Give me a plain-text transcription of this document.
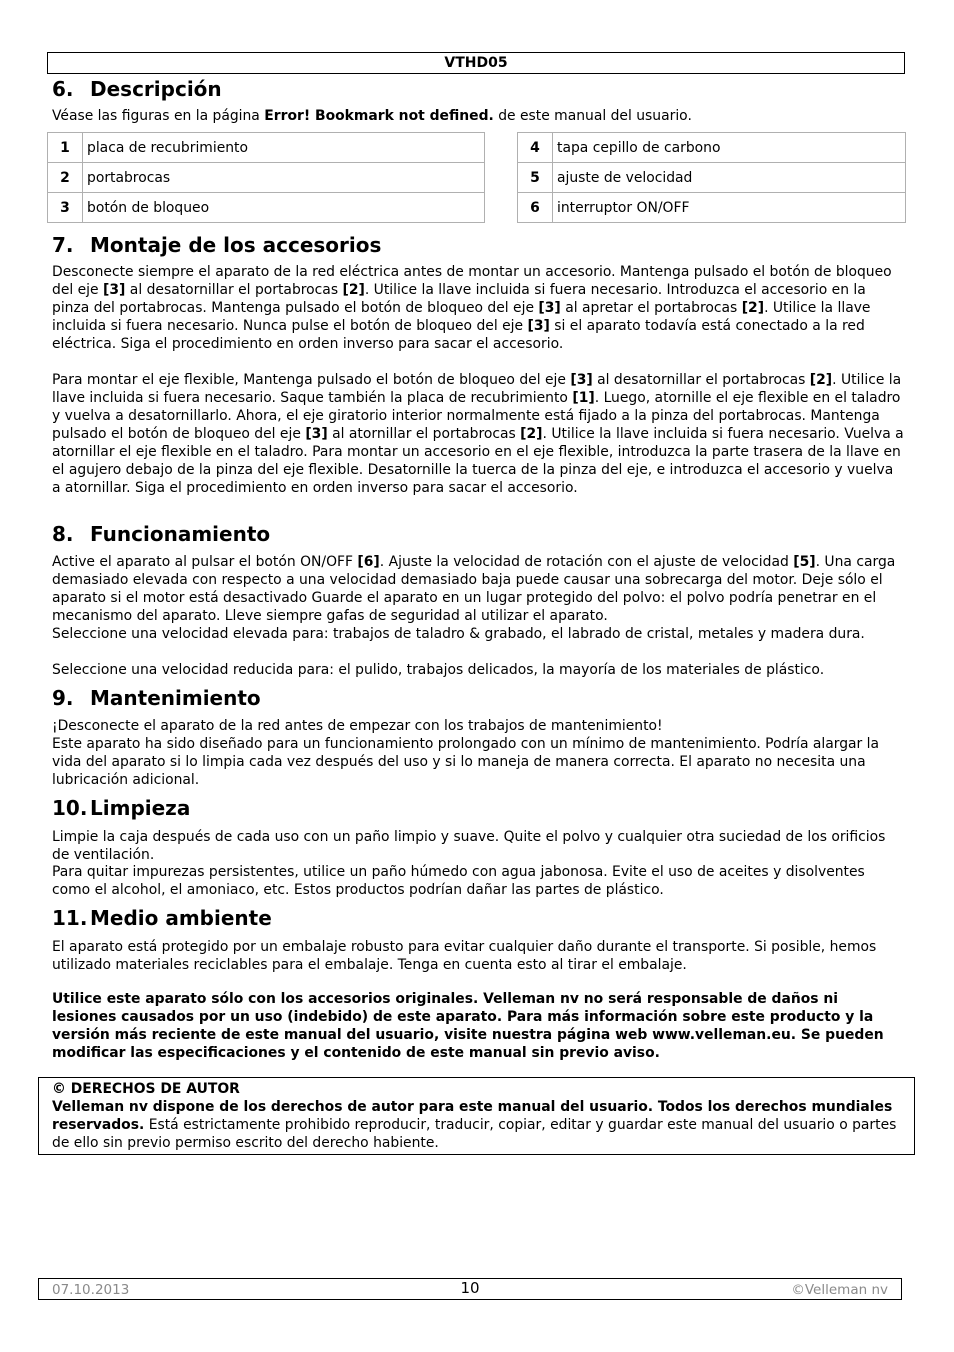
VTHD05
6. Descripción

Véase las figuras en la página Error! Bookmark not defined. de este manual del usuario.

1	placa de recubrimiento
2	portabrocas
3	botón de bloqueo
4	tapa cepillo de carbono
5	ajuste de velocidad
6	interruptor ON/OFF
7. Montaje de los accesorios

Desconecte siempre el aparato de la red eléctrica antes de montar un accesorio. Mantenga pulsado el botón de bloqueo del eje [3] al desatornillar el portabrocas [2]. Utilice la llave incluida si fuera necesario. Introduzca el accesorio en la pinza del portabrocas. Mantenga pulsado el botón de bloqueo del eje [3] al apretar el portabrocas [2]. Utilice la llave incluida si fuera necesario. Nunca pulse el botón de bloqueo del eje [3] si el aparato todavía está conectado a la red eléctrica. Siga el procedimiento en orden inverso para sacar el accesorio.

Para montar el eje flexible, Mantenga pulsado el botón de bloqueo del eje [3] al desatornillar el portabrocas [2]. Utilice la llave incluida si fuera necesario. Saque también la placa de recubrimiento [1]. Luego, atornille el eje flexible en el taladro y vuelva a desatornillarlo. Ahora, el eje giratorio interior normalmente está fijado a la pinza del portabrocas. Mantenga pulsado el botón de bloqueo del eje [3] al atornillar el portabrocas [2]. Utilice la llave incluida si fuera necesario. Vuelva a atornillar el eje flexible en el taladro. Para montar un accesorio en el eje flexible, introduzca la parte trasera de la llave en el agujero debajo de la pinza del eje flexible. Desatornille la tuerca de la pinza del eje, e introduzca el accesorio y vuelva a atornillar. Siga el procedimiento en orden inverso para sacar el accesorio.

8. Funcionamiento

Active el aparato al pulsar el botón ON/OFF [6]. Ajuste la velocidad de rotación con el ajuste de velocidad [5]. Una carga demasiado elevada con respecto a una velocidad demasiado baja puede causar una sobrecarga del motor. Deje sólo el aparato si el motor está desactivado Guarde el aparato en un lugar protegido del polvo: el polvo podría penetrar en el mecanismo del aparato. Lleve siempre gafas de seguridad al utilizar el aparato.

Seleccione una velocidad elevada para: trabajos de taladro & grabado, el labrado de cristal, metales y madera dura.

Seleccione una velocidad reducida para: el pulido, trabajos delicados, la mayoría de los materiales de plástico.

9. Mantenimiento

¡Desconecte el aparato de la red antes de empezar con los trabajos de mantenimiento!

Este aparato ha sido diseñado para un funcionamiento prolongado con un mínimo de mantenimiento. Podría alargar la vida del aparato si lo limpia cada vez después del uso y si lo maneja de manera correcta. El aparato no necesita una lubricación adicional.

10. Limpieza

Limpie la caja después de cada uso con un paño limpio y suave. Quite el polvo y cualquier otra suciedad de los orificios de ventilación.

Para quitar impurezas persistentes, utilice un paño húmedo con agua jabonosa. Evite el uso de aceites y disolventes como el alcohol, el amoniaco, etc. Estos productos podrían dañar las partes de plástico.

11. Medio ambiente

El aparato está protegido por un embalaje robusto para evitar cualquier daño durante el transporte. Si posible, hemos utilizado materiales reciclables para el embalaje. Tenga en cuenta esto al tirar el embalaje.

Utilice este aparato sólo con los accesorios originales. Velleman nv no será responsable de daños ni lesiones causados por un uso (indebido) de este aparato. Para más información sobre este producto y la versión más reciente de este manual del usuario, visite nuestra página web www.velleman.eu. Se pueden modificar las especificaciones y el contenido de este manual sin previo aviso.

© DERECHOS DE AUTOR
Velleman nv dispone de los derechos de autor para este manual del usuario. Todos los derechos mundiales reservados. Está estrictamente prohibido reproducir, traducir, copiar, editar y guardar este manual del usuario o partes de ello sin previo permiso escrito del derecho habiente.
07.10.2013	10	©Velleman nv
